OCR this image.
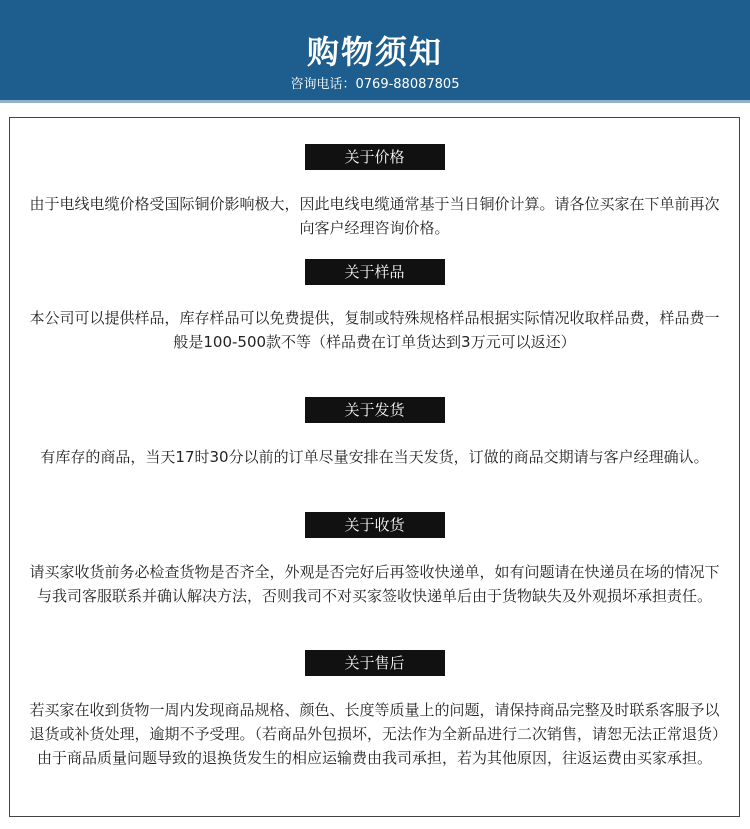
购物须知
咨询电话：0769-88087805
关于价格
由于电线电缆价格受国际铜价影响极大，因此电线电缆通常基于当日铜价计算。请各位买家在下单前再次向客户经理咨询价格。
关于样品
本公司可以提供样品，库存样品可以免费提供，复制或特殊规格样品根据实际情况收取样品费，样品费一般是100-500款不等（样品费在订单货达到3万元可以返还）
关于发货
有库存的商品，当天17时30分以前的订单尽量安排在当天发货，订做的商品交期请与客户经理确认。
关于收货
请买家收货前务必检查货物是否齐全，外观是否完好后再签收快递单，如有问题请在快递员在场的情况下与我司客服联系并确认解决方法，否则我司不对买家签收快递单后由于货物缺失及外观损坏承担责任。
关于售后
若买家在收到货物一周内发现商品规格、颜色、长度等质量上的问题，请保持商品完整及时联系客服予以退货或补货处理，逾期不予受理。（若商品外包损坏，无法作为全新品进行二次销售，请恕无法正常退货）由于商品质量问题导致的退换货发生的相应运输费由我司承担，若为其他原因，往返运费由买家承担。
